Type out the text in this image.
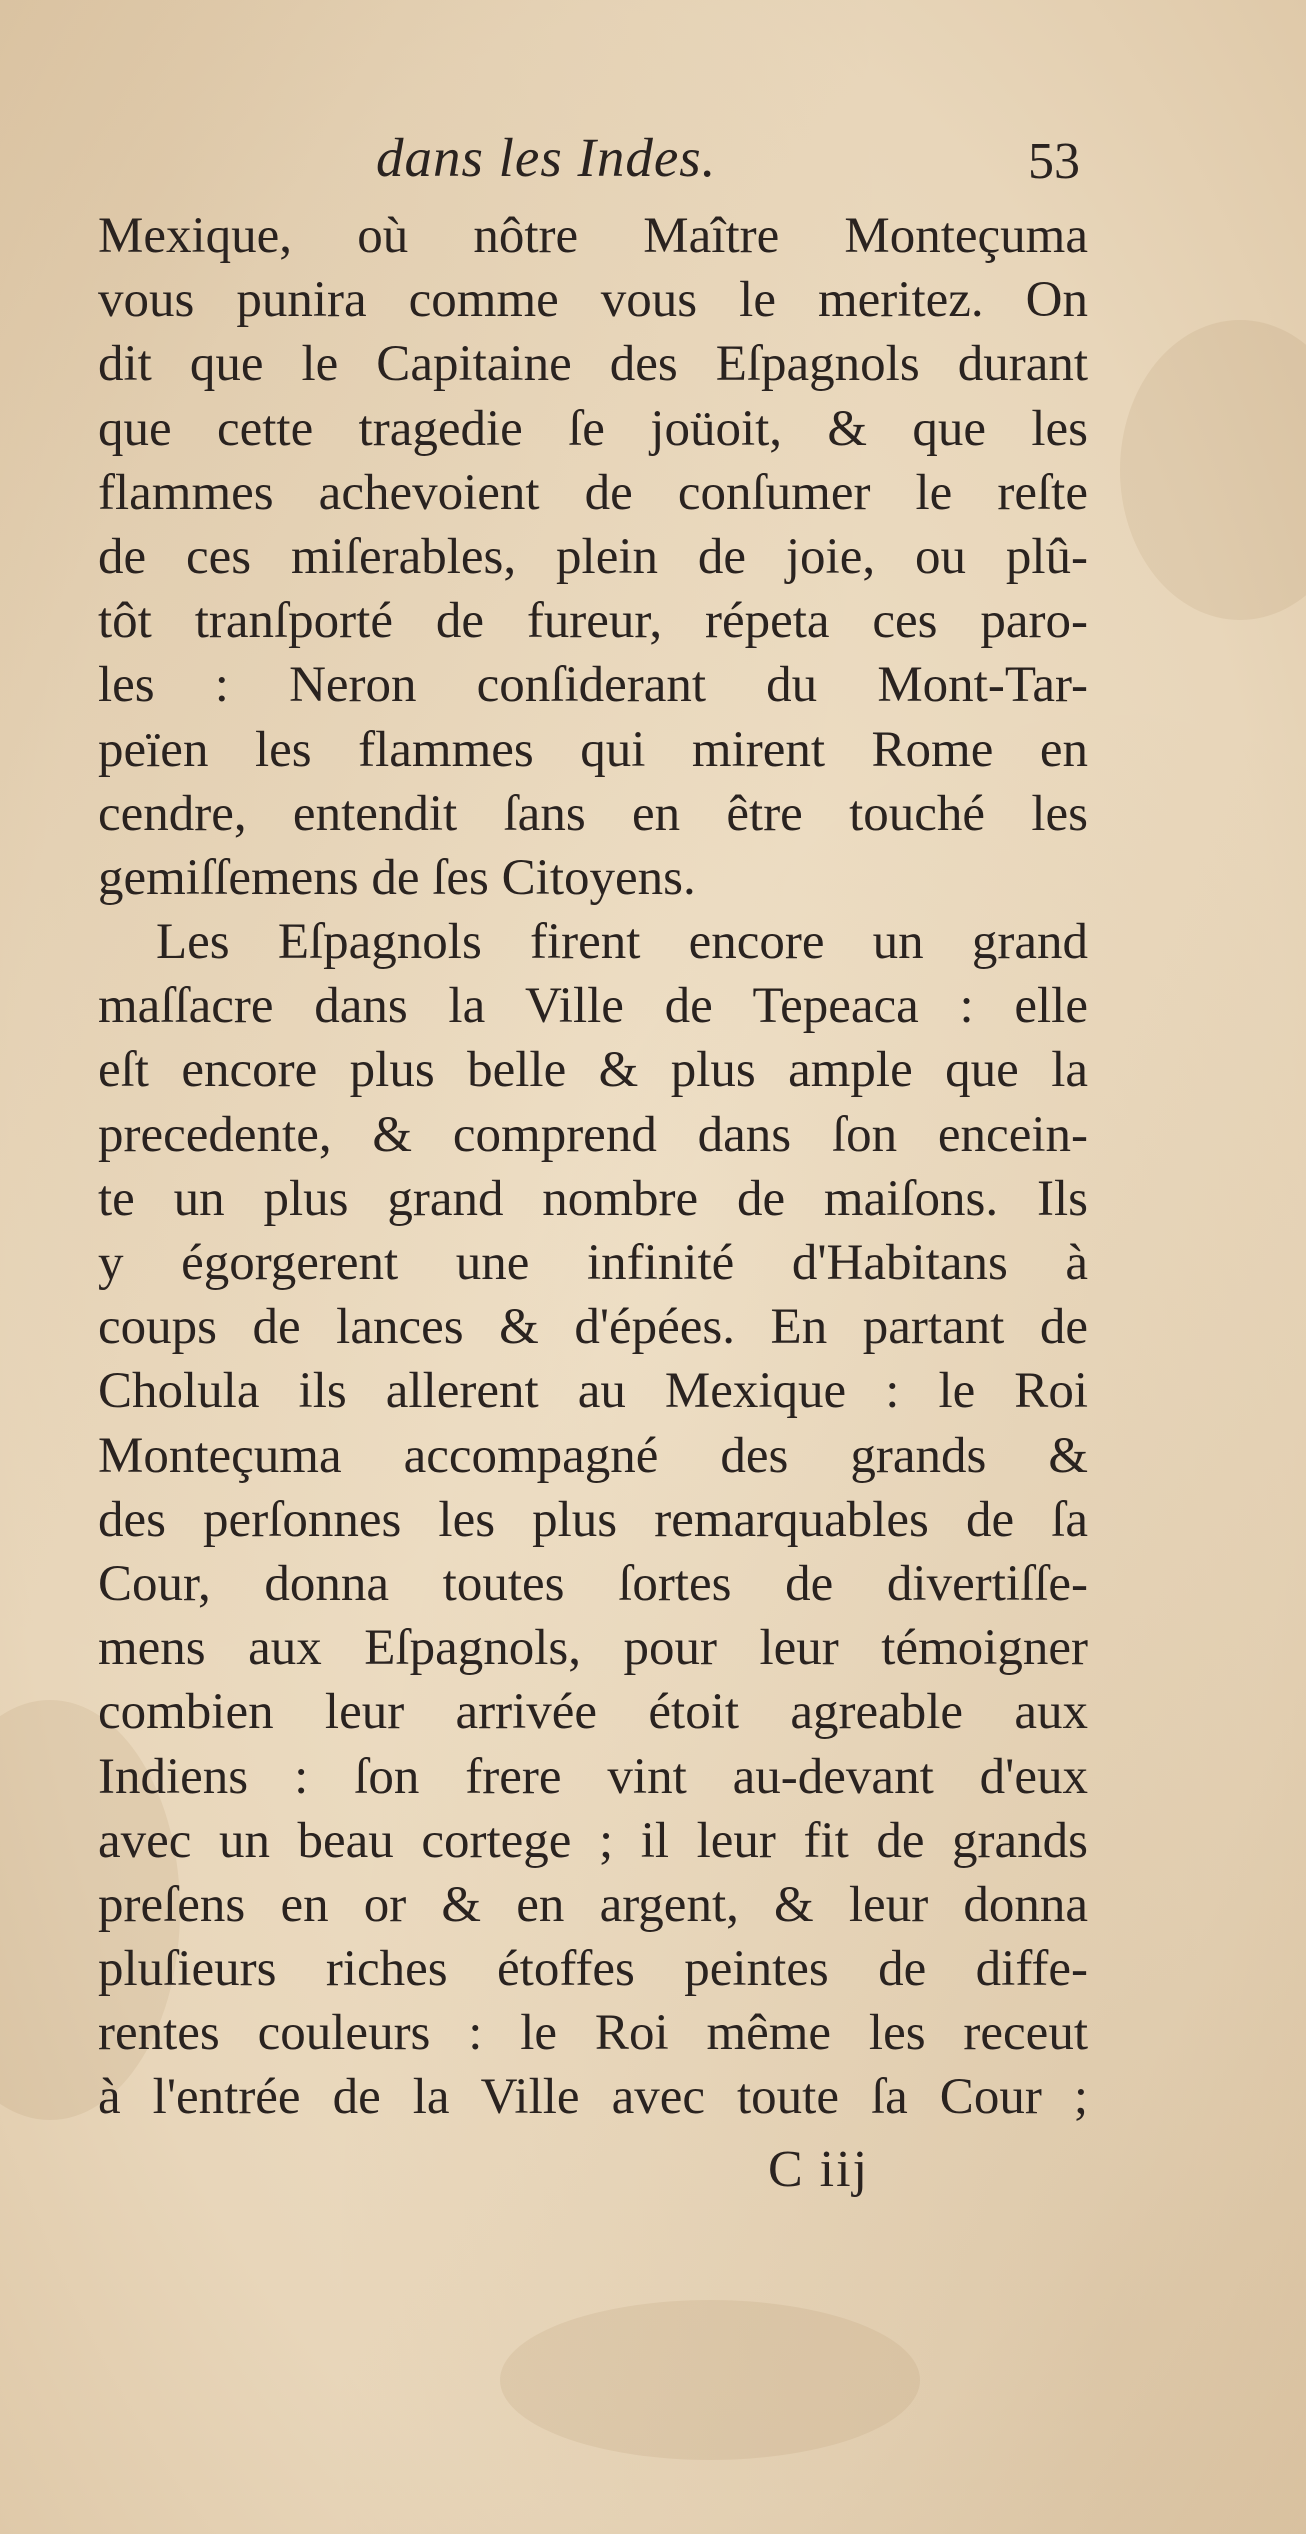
dans les Indes.	53
Mexique, où nôtre Maître Monteçuma
vous punira comme vous le meritez. On
dit que le Capitaine des Eſpagnols durant
que cette tragedie ſe joüoit, & que les
flammes achevoient de conſumer le reſte
de ces miſerables, plein de joie, ou plû-
tôt tranſporté de fureur, répeta ces paro-
les : Neron conſiderant du Mont-Tar-
peïen les flammes qui mirent Rome en
cendre, entendit ſans en être touché les
gemiſſemens de ſes Citoyens.
Les Eſpagnols firent encore un grand
maſſacre dans la Ville de Tepeaca : elle
eſt encore plus belle & plus ample que la
precedente, & comprend dans ſon encein-
te un plus grand nombre de maiſons. Ils
y égorgerent une infinité d'Habitans à
coups de lances & d'épées. En partant de
Cholula ils allerent au Mexique : le Roi
Monteçuma accompagné des grands &
des perſonnes les plus remarquables de ſa
Cour, donna toutes ſortes de divertiſſe-
mens aux Eſpagnols, pour leur témoigner
combien leur arrivée étoit agreable aux
Indiens : ſon frere vint au-devant d'eux
avec un beau cortege ; il leur fit de grands
preſens en or & en argent, & leur donna
pluſieurs riches étoffes peintes de diffe-
rentes couleurs : le Roi même les receut
à l'entrée de la Ville avec toute ſa Cour ;
C iij
